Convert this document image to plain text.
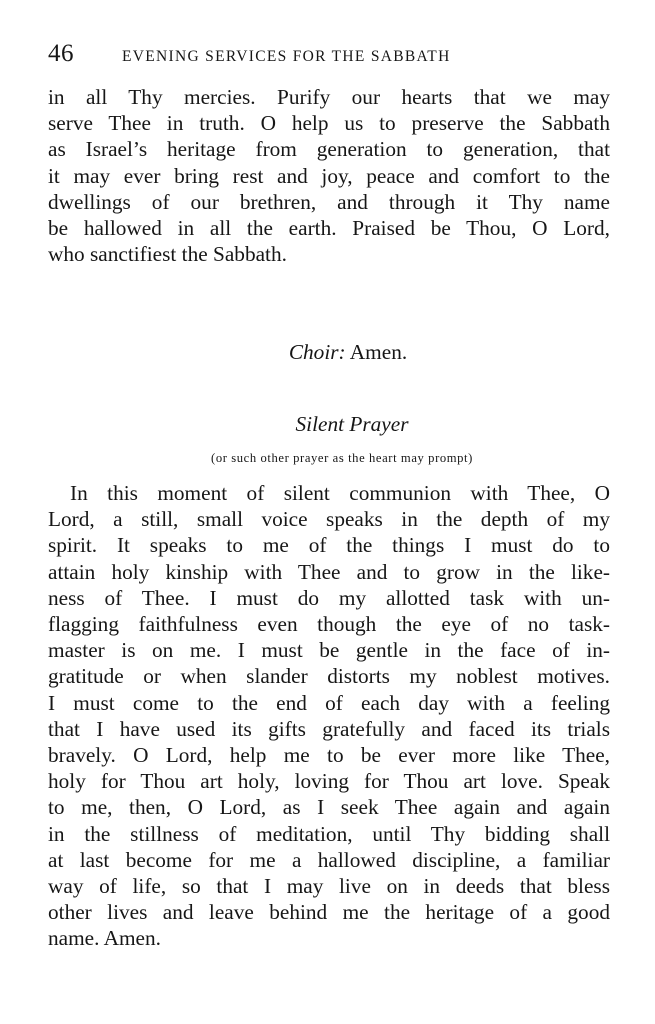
46	EVENING SERVICES FOR THE SABBATH

in all Thy mercies. Purify our hearts that we may
serve Thee in truth. O help us to preserve the Sabbath
as Israel’s heritage from generation to generation, that
it may ever bring rest and joy, peace and comfort to the
dwellings of our brethren, and through it Thy name
be hallowed in all the earth. Praised be Thou, O Lord,
who sanctifiest the Sabbath.

Choir: Amen.
Silent Prayer
(or such other prayer as the heart may prompt)

In this moment of silent communion with Thee, O
Lord, a still, small voice speaks in the depth of my
spirit. It speaks to me of the things I must do to
attain holy kinship with Thee and to grow in the like-
ness of Thee. I must do my allotted task with un-
flagging faithfulness even though the eye of no task-
master is on me. I must be gentle in the face of in-
gratitude or when slander distorts my noblest motives.
I must come to the end of each day with a feeling
that I have used its gifts gratefully and faced its trials
bravely. O Lord, help me to be ever more like Thee,
holy for Thou art holy, loving for Thou art love. Speak
to me, then, O Lord, as I seek Thee again and again
in the stillness of meditation, until Thy bidding shall
at last become for me a hallowed discipline, a familiar
way of life, so that I may live on in deeds that bless
other lives and leave behind me the heritage of a good
name. Amen.
